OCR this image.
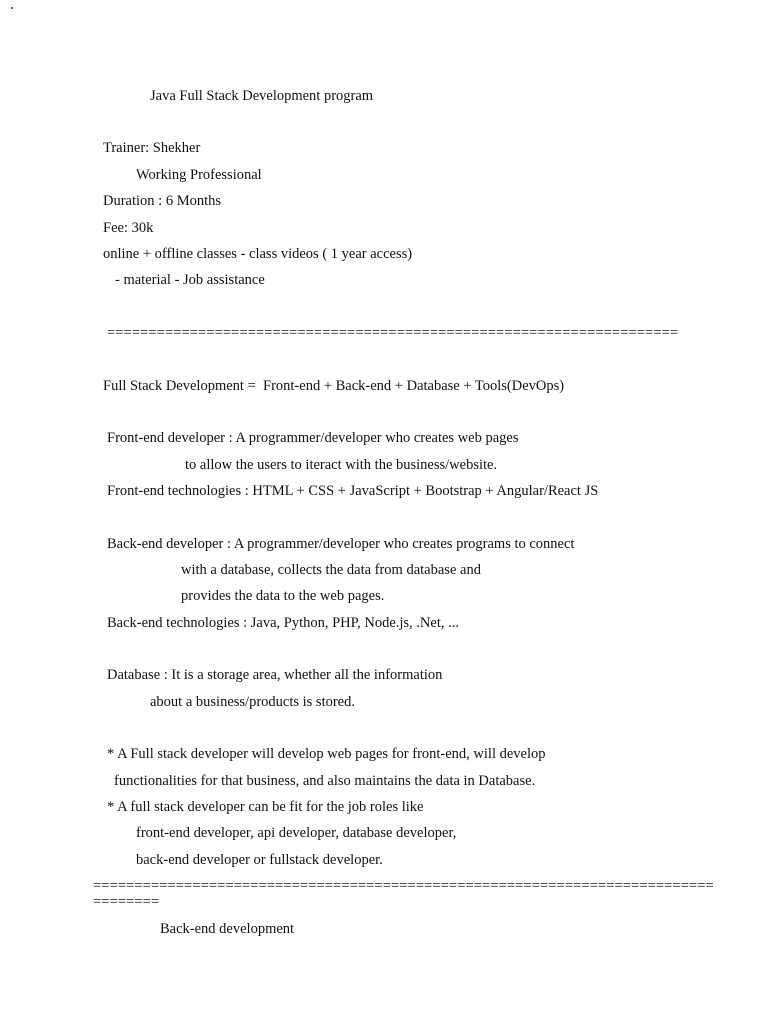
Java Full Stack Development program
Trainer: Shekher
Working Professional
Duration : 6 Months
Fee: 30k
online + offline classes - class videos ( 1 year access)
- material - Job assistance
=====================================================================
Full Stack Development =  Front-end + Back-end + Database + Tools(DevOps)
Front-end developer : A programmer/developer who creates web pages
to allow the users to iteract with the business/website.
Front-end technologies : HTML + CSS + JavaScript + Bootstrap + Angular/React JS
Back-end developer : A programmer/developer who creates programs to connect
with a database, collects the data from database and
provides the data to the web pages.
Back-end technologies : Java, Python, PHP, Node.js, .Net, ...
Database : It is a storage area, whether all the information
about a business/products is stored.
* A Full stack developer will develop web pages for front-end, will develop
functionalities for that business, and also maintains the data in Database.
* A full stack developer can be fit for the job roles like
front-end developer, api developer, database developer,
back-end developer or fullstack developer.
===========================================================================
========
Back-end development
